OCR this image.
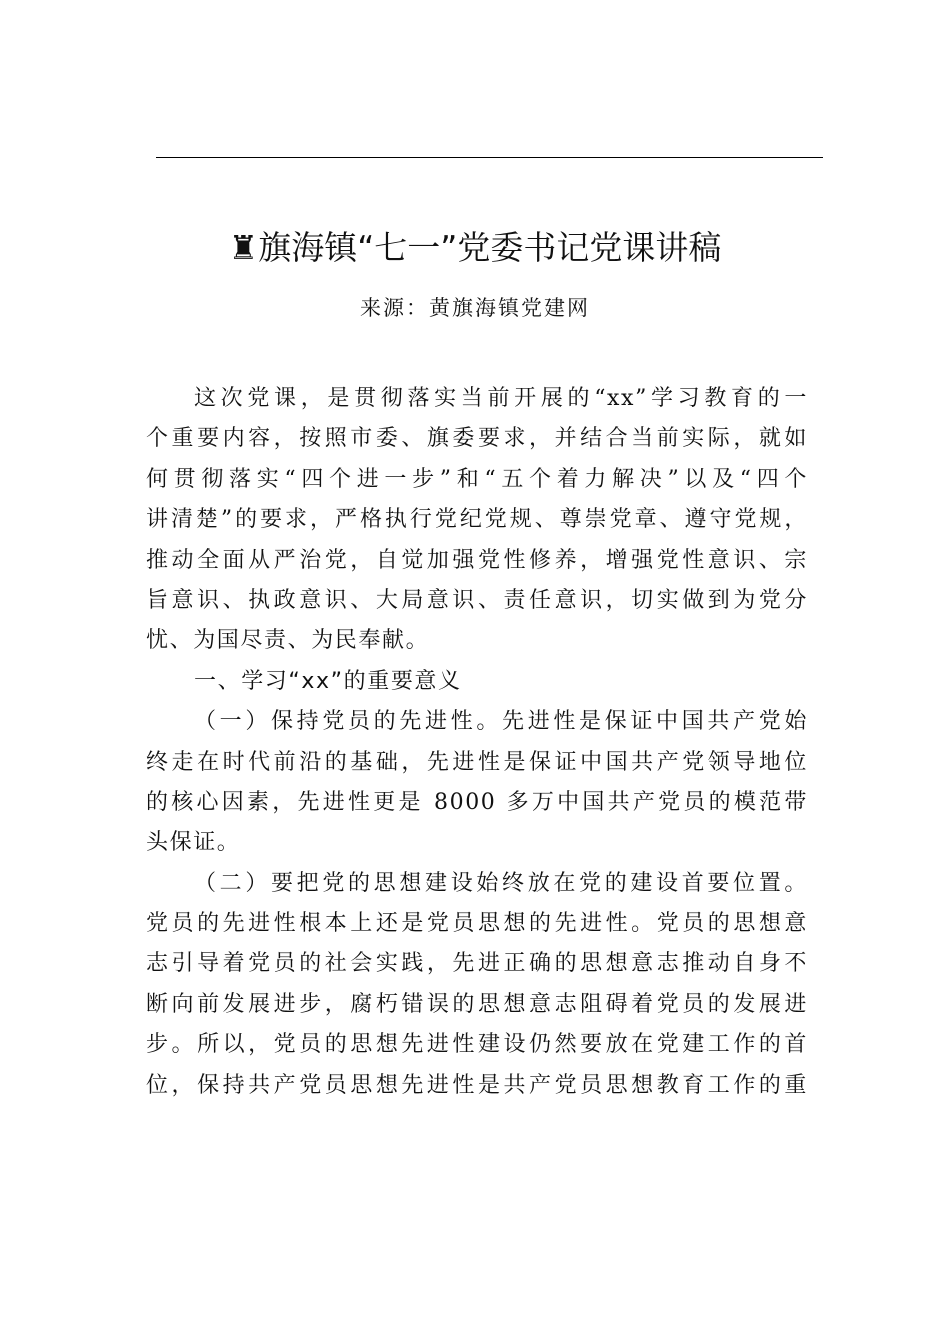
♜旗海镇“七一”党委书记党课讲稿
来源：黄旗海镇党建网
这次党课，是贯彻落实当前开展的“xx”学习教育的一
个重要内容，按照市委、旗委要求，并结合当前实际，就如
何贯彻落实“四个进一步”和“五个着力解决”以及“四个
讲清楚”的要求，严格执行党纪党规、尊崇党章、遵守党规，
推动全面从严治党，自觉加强党性修养，增强党性意识、宗
旨意识、执政意识、大局意识、责任意识，切实做到为党分
忧、为国尽责、为民奉献。
一、学习“xx”的重要意义
（一）保持党员的先进性。先进性是保证中国共产党始
终走在时代前沿的基础，先进性是保证中国共产党领导地位
的核心因素，先进性更是 8000 多万中国共产党员的模范带
头保证。
（二）要把党的思想建设始终放在党的建设首要位置。
党员的先进性根本上还是党员思想的先进性。党员的思想意
志引导着党员的社会实践，先进正确的思想意志推动自身不
断向前发展进步，腐朽错误的思想意志阻碍着党员的发展进
步。所以，党员的思想先进性建设仍然要放在党建工作的首
位，保持共产党员思想先进性是共产党员思想教育工作的重
